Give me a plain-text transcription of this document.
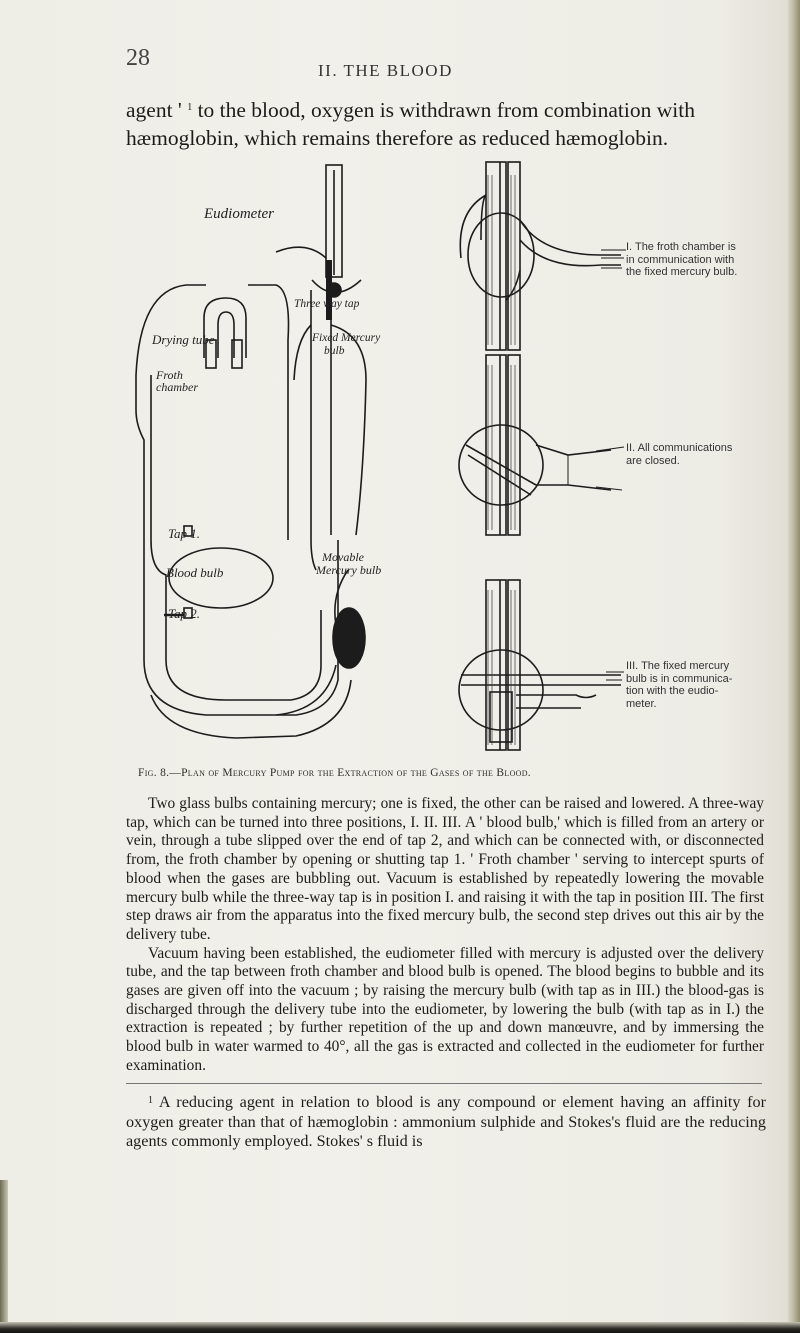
28	II. THE BLOOD

agent ' $^1$ to the blood, oxygen is withdrawn from combination with hæmoglobin, which remains therefore as reduced hæmoglobin.

Eudiometer
Three way tap
Drying tube	Fixed Mercury
bulb
Froth
chamber
Tap 1.
Movable
Mercury bulb
Blood bulb
Tap 2.
I. The froth chamber is
in communication with
the fixed mercury bulb.
II. All communications
are closed.
III. The fixed mercury
bulb is in communica-
tion with the eudio-
meter.
Fig. 8.—Plan of Mercury Pump for the Extraction of the Gases of the Blood.

Two glass bulbs containing mercury; one is fixed, the other can be raised and lowered. A three-way tap, which can be turned into three positions, I. II. III. A ' blood bulb,' which is filled from an artery or vein, through a tube slipped over the end of tap 2, and which can be connected with, or disconnected from, the froth chamber by opening or shutting tap 1. ' Froth chamber ' serving to intercept spurts of blood when the gases are bubbling out. Vacuum is established by repeatedly lowering the movable mercury bulb while the three-way tap is in position I. and raising it with the tap in position III. The first step draws air from the apparatus into the fixed mercury bulb, the second step drives out this air by the delivery tube.

Vacuum having been established, the eudiometer filled with mercury is adjusted over the delivery tube, and the tap between froth chamber and blood bulb is opened. The blood begins to bubble and its gases are given off into the vacuum ; by raising the mercury bulb (with tap as in III.) the blood-gas is discharged through the delivery tube into the eudiometer, by lowering the bulb (with tap as in I.) the extraction is repeated ; by further repetition of the up and down manœuvre, and by immersing the blood bulb in water warmed to 40°, all the gas is extracted and collected in the eudiometer for further examination.

$^1$ A reducing agent in relation to blood is any compound or element having an affinity for oxygen greater than that of hæmoglobin : ammonium sulphide and Stokes's fluid are the reducing agents commonly employed. Stokes' s fluid is
